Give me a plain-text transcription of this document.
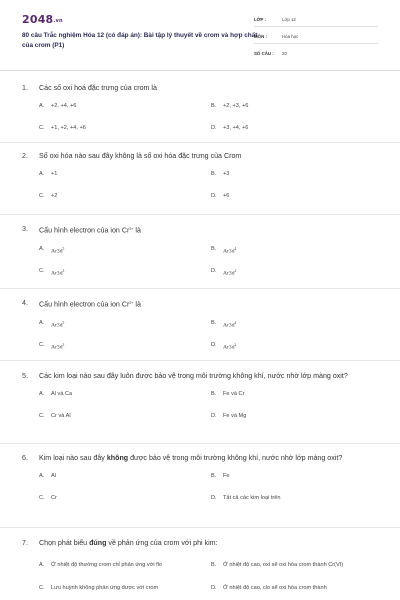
2048.vn
80 câu Trắc nghiệm Hóa 12 (có đáp án): Bài tập lý thuyết về crom và hợp chất của crom (P1)
LỚP :	Lớp 12
MÔN :	Hóa học
SỐ CÂU :	20
1.	Các số oxi hoá đặc trưng của crom là
A.	+2, +4, +6	B.	+2, +3, +6
C.	+1, +2, +4, +6	D.	+3, +4, +6
2.	Số oxi hóa nào sau đây không là số oxi hóa đặc trưng của Crom
A.	+1	B.	+3
C.	+2	D.	+6
3.	Cấu hình electron của ion $Cr^{3+}$ là
A.	$Ar3d^5$	B.	$Ar3d^4$
C.	$Ar3d^3$	D.	$Ar3d^2$
4.	Cấu hình electron của ion $Cr^{2+}$ là
A.	$Ar3d^5$	B.	$Ar3d^4$
C.	$Ar3d^3$	D.	$Ar3d^2$
5.	Các kim loại nào sau đây luôn được bảo vệ trong môi trường không khí, nước nhờ lớp màng oxit?
A.	Al và Ca	B.	Fe và Cr
C.	Cr và Al	D.	Fe và Mg
6.	Kim loại nào sau đây không được bảo vệ trong môi trường không khí, nước nhờ lớp màng oxit?
A.	Al	B.	Fe
C.	Cr	D.	Tất cả các kim loại trên
7.	Chọn phát biểu đúng về phản ứng của crom với phi kim:
A.	Ở nhiệt độ thường crom chỉ phản ứng với flo	B.	Ở nhiệt độ cao, oxi sẽ oxi hóa crom thành Cr(VI)
C.	Lưu huỳnh không phản ứng được với crom	D.	Ở nhiệt độ cao, clo sẽ oxi hóa crom thành
